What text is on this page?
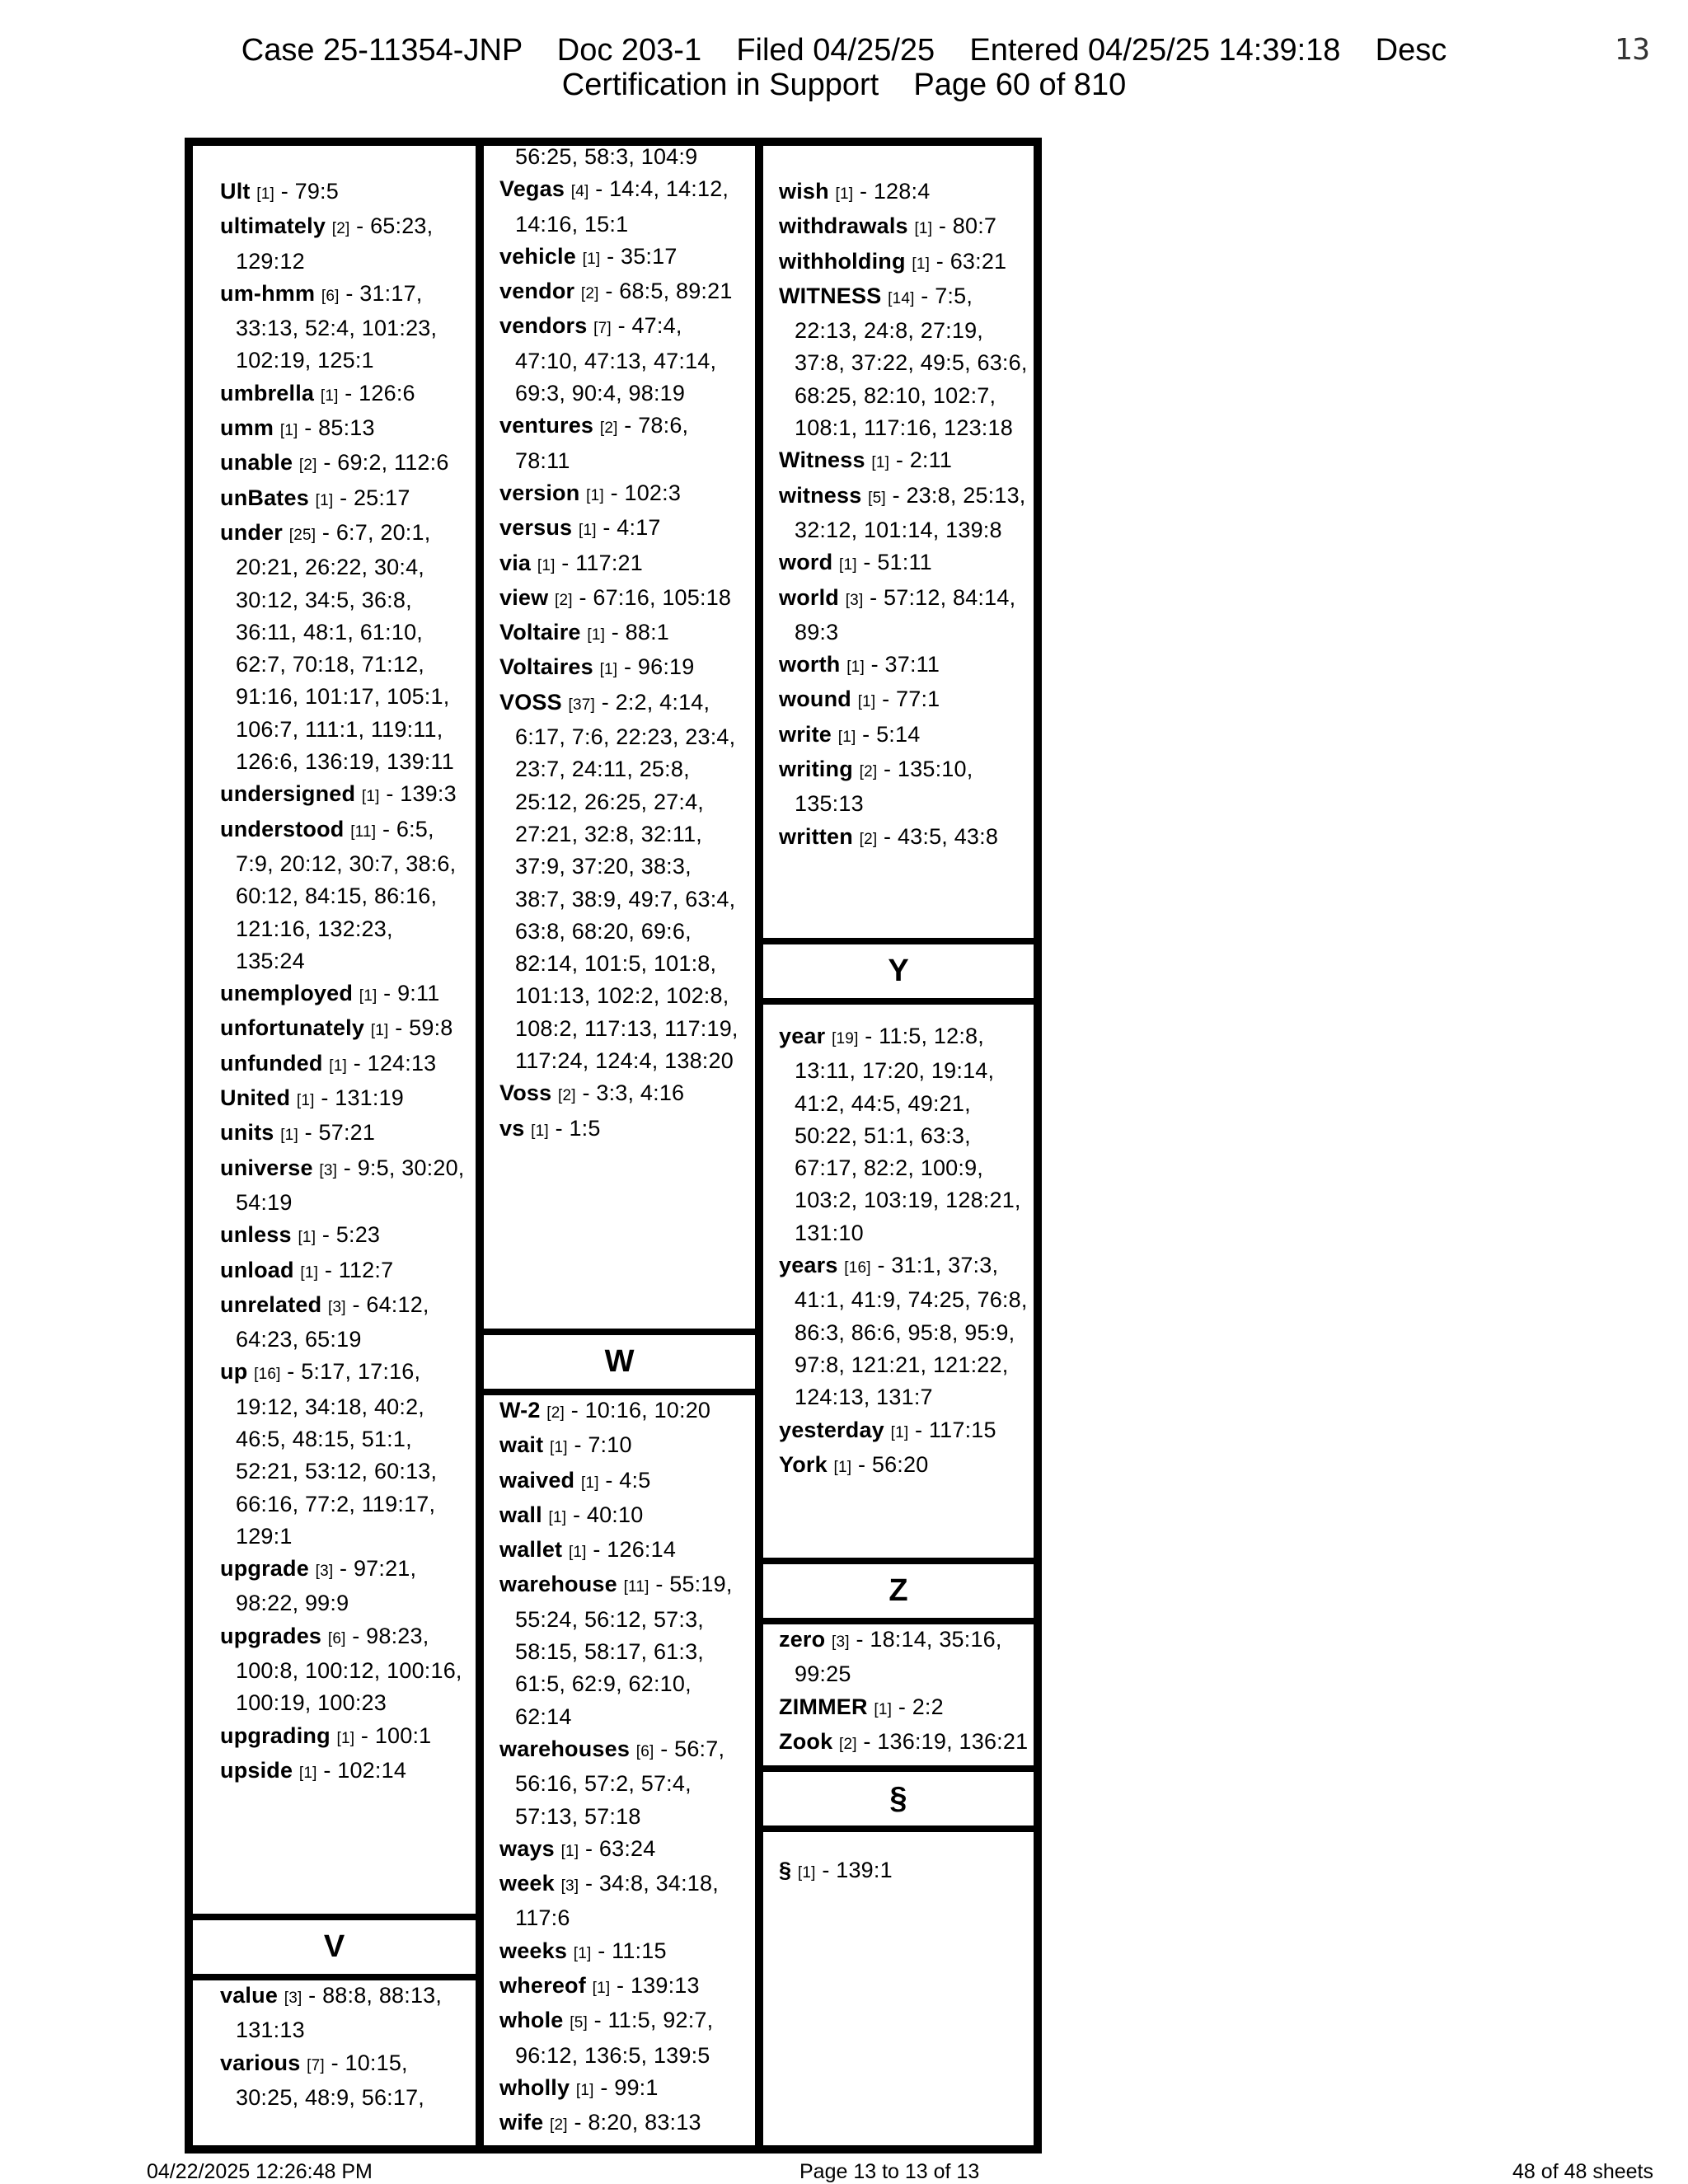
Case 25-11354-JNP    Doc 203-1    Filed 04/25/25    Entered 04/25/25 14:39:18    Desc
Certification in Support    Page 60 of 810
13
Ult [1] - 79:5
ultimately [2] - 65:23, 129:12
um-hmm [6] - 31:17, 33:13, 52:4, 101:23, 102:19, 125:1
umbrella [1] - 126:6
umm [1] - 85:13
unable [2] - 69:2, 112:6
unBates [1] - 25:17
under [25] - 6:7, 20:1, 20:21, 26:22, 30:4, 30:12, 34:5, 36:8, 36:11, 48:1, 61:10, 62:7, 70:18, 71:12, 91:16, 101:17, 105:1, 106:7, 111:1, 119:11, 126:6, 136:19, 139:11
undersigned [1] - 139:3
understood [11] - 6:5, 7:9, 20:12, 30:7, 38:6, 60:12, 84:15, 86:16, 121:16, 132:23, 135:24
unemployed [1] - 9:11
unfortunately [1] - 59:8
unfunded [1] - 124:13
United [1] - 131:19
units [1] - 57:21
universe [3] - 9:5, 30:20, 54:19
unless [1] - 5:23
unload [1] - 112:7
unrelated [3] - 64:12, 64:23, 65:19
up [16] - 5:17, 17:16, 19:12, 34:18, 40:2, 46:5, 48:15, 51:1, 52:21, 53:12, 60:13, 66:16, 77:2, 119:17, 129:1
upgrade [3] - 97:21, 98:22, 99:9
upgrades [6] - 98:23, 100:8, 100:12, 100:16, 100:19, 100:23
upgrading [1] - 100:1
upside [1] - 102:14
V
value [3] - 88:8, 88:13, 131:13
various [7] - 10:15, 30:25, 48:9, 56:17,
56:25, 58:3, 104:9
Vegas [4] - 14:4, 14:12, 14:16, 15:1
vehicle [1] - 35:17
vendor [2] - 68:5, 89:21
vendors [7] - 47:4, 47:10, 47:13, 47:14, 69:3, 90:4, 98:19
ventures [2] - 78:6, 78:11
version [1] - 102:3
versus [1] - 4:17
via [1] - 117:21
view [2] - 67:16, 105:18
Voltaire [1] - 88:1
Voltaires [1] - 96:19
VOSS [37] - 2:2, 4:14, 6:17, 7:6, 22:23, 23:4, 23:7, 24:11, 25:8, 25:12, 26:25, 27:4, 27:21, 32:8, 32:11, 37:9, 37:20, 38:3, 38:7, 38:9, 49:7, 63:4, 63:8, 68:20, 69:6, 82:14, 101:5, 101:8, 101:13, 102:2, 102:8, 108:2, 117:13, 117:19, 117:24, 124:4, 138:20
Voss [2] - 3:3, 4:16
vs [1] - 1:5
W
W-2 [2] - 10:16, 10:20
wait [1] - 7:10
waived [1] - 4:5
wall [1] - 40:10
wallet [1] - 126:14
warehouse [11] - 55:19, 55:24, 56:12, 57:3, 58:15, 58:17, 61:3, 61:5, 62:9, 62:10, 62:14
warehouses [6] - 56:7, 56:16, 57:2, 57:4, 57:13, 57:18
ways [1] - 63:24
week [3] - 34:8, 34:18, 117:6
weeks [1] - 11:15
whereof [1] - 139:13
whole [5] - 11:5, 92:7, 96:12, 136:5, 139:5
wholly [1] - 99:1
wife [2] - 8:20, 83:13
wish [1] - 128:4
withdrawals [1] - 80:7
withholding [1] - 63:21
WITNESS [14] - 7:5, 22:13, 24:8, 27:19, 37:8, 37:22, 49:5, 63:6, 68:25, 82:10, 102:7, 108:1, 117:16, 123:18
Witness [1] - 2:11
witness [5] - 23:8, 25:13, 32:12, 101:14, 139:8
word [1] - 51:11
world [3] - 57:12, 84:14, 89:3
worth [1] - 37:11
wound [1] - 77:1
write [1] - 5:14
writing [2] - 135:10, 135:13
written [2] - 43:5, 43:8
Y
year [19] - 11:5, 12:8, 13:11, 17:20, 19:14, 41:2, 44:5, 49:21, 50:22, 51:1, 63:3, 67:17, 82:2, 100:9, 103:2, 103:19, 128:21, 131:10
years [16] - 31:1, 37:3, 41:1, 41:9, 74:25, 76:8, 86:3, 86:6, 95:8, 95:9, 97:8, 121:21, 121:22, 124:13, 131:7
yesterday [1] - 117:15
York [1] - 56:20
Z
zero [3] - 18:14, 35:16, 99:25
ZIMMER [1] - 2:2
Zook [2] - 136:19, 136:21
§
§ [1] - 139:1
04/22/2025 12:26:48 PM	Page 13 to 13 of 13	48 of 48 sheets
